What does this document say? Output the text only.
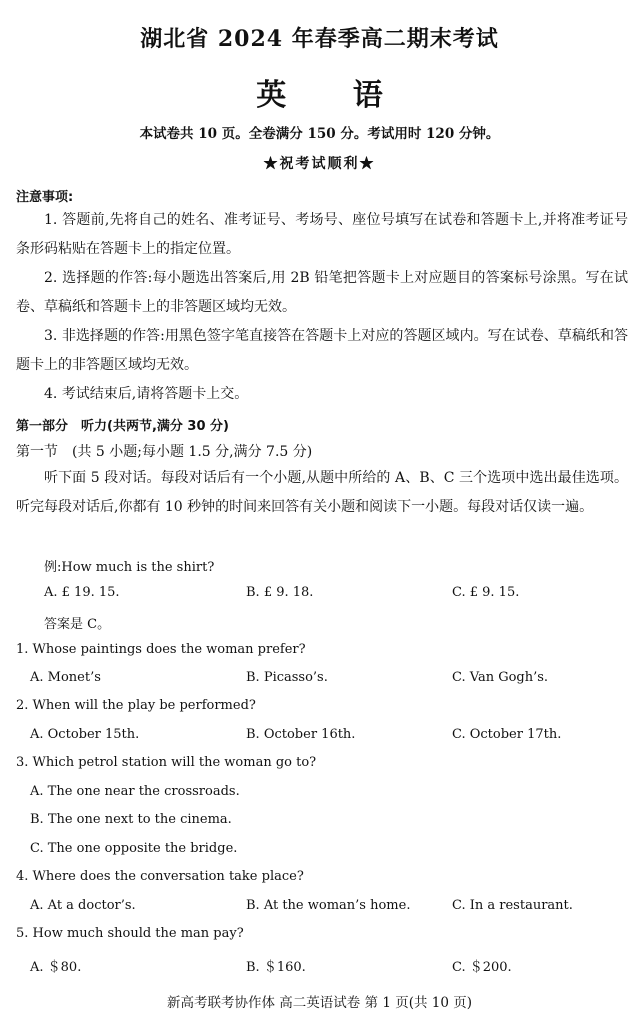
湖北省 2024 年春季高二期末考试
英 语
本试卷共 10 页。全卷满分 150 分。考试用时 120 分钟。
★祝考试顺利★
注意事项:
1. 答题前,先将自己的姓名、准考证号、考场号、座位号填写在试卷和答题卡上,并将准考证号条形码粘贴在答题卡上的指定位置。
2. 选择题的作答:每小题选出答案后,用 2B 铅笔把答题卡上对应题目的答案标号涂黑。写在试卷、草稿纸和答题卡上的非答题区域均无效。
3. 非选择题的作答:用黑色签字笔直接答在答题卡上对应的答题区域内。写在试卷、草稿纸和答题卡上的非答题区域均无效。
4. 考试结束后,请将答题卡上交。
第一部分　听力(共两节,满分 30 分)
第一节　(共 5 小题;每小题 1.5 分,满分 7.5 分)
听下面 5 段对话。每段对话后有一个小题,从题中所给的 A、B、C 三个选项中选出最佳选项。听完每段对话后,你都有 10 秒钟的时间来回答有关小题和阅读下一小题。每段对话仅读一遍。
例:How much is the shirt?
A. £ 19. 15.	B. £ 9. 18.	C. £ 9. 15.
答案是 C。
1. Whose paintings does the woman prefer?
A. Monet’s	B. Picasso’s.	C. Van Gogh’s.
2. When will the play be performed?
A. October 15th.	B. October 16th.	C. October 17th.
3. Which petrol station will the woman go to?
A. The one near the crossroads.
B. The one next to the cinema.
C. The one opposite the bridge.
4. Where does the conversation take place?
A. At a doctor’s.	B. At the woman’s home.	C. In a restaurant.
5. How much should the man pay?
A. ＄80.	B. ＄160.	C. ＄200.
新高考联考协作体 高二英语试卷 第 1 页(共 10 页)
